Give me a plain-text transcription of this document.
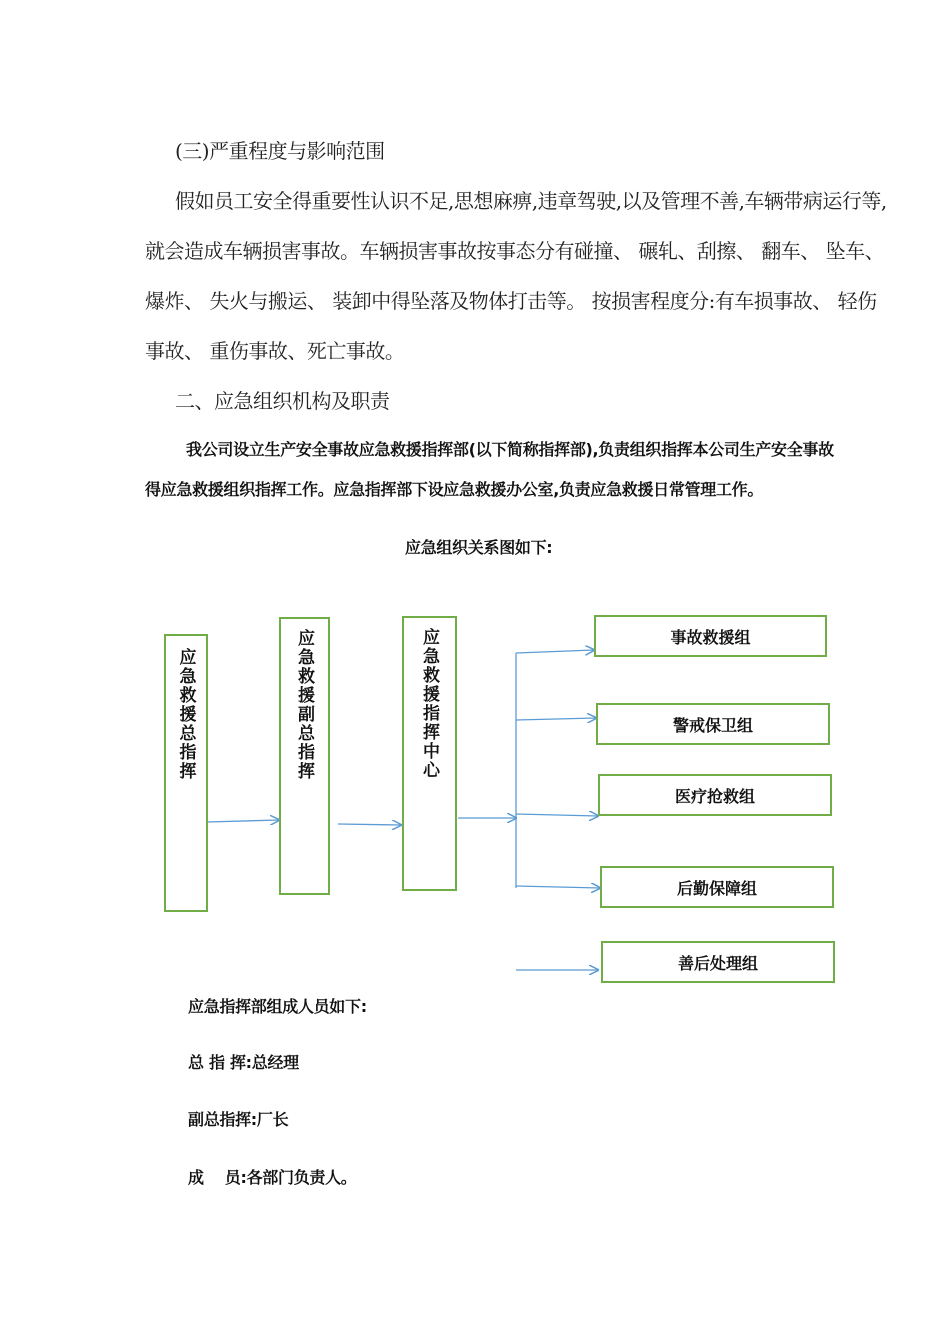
(三)严重程度与影响范围
假如员工安全得重要性认识不足,思想麻痹,违章驾驶,以及管理不善,车辆带病运行等,
就会造成车辆损害事故。车辆损害事故按事态分有碰撞、 碾轧、刮擦、 翻车、 坠车、
爆炸、 失火与搬运、 装卸中得坠落及物体打击等。 按损害程度分:有车损事故、 轻伤
事故、 重伤事故、死亡事故。
二、应急组织机构及职责
我公司设立生产安全事故应急救援指挥部(以下简称指挥部),负责组织指挥本公司生产安全事故
得应急救援组织指挥工作。应急指挥部下设应急救援办公室,负责应急救援日常管理工作。
应急组织关系图如下:
应急救援总指挥	应急救援副总指挥	应急救援指挥中心	事故救援组
警戒保卫组
医疗抢救组
后勤保障组
善后处理组
应急指挥部组成人员如下:
总 指 挥:总经理
副总指挥:厂长
成    员:各部门负责人。
